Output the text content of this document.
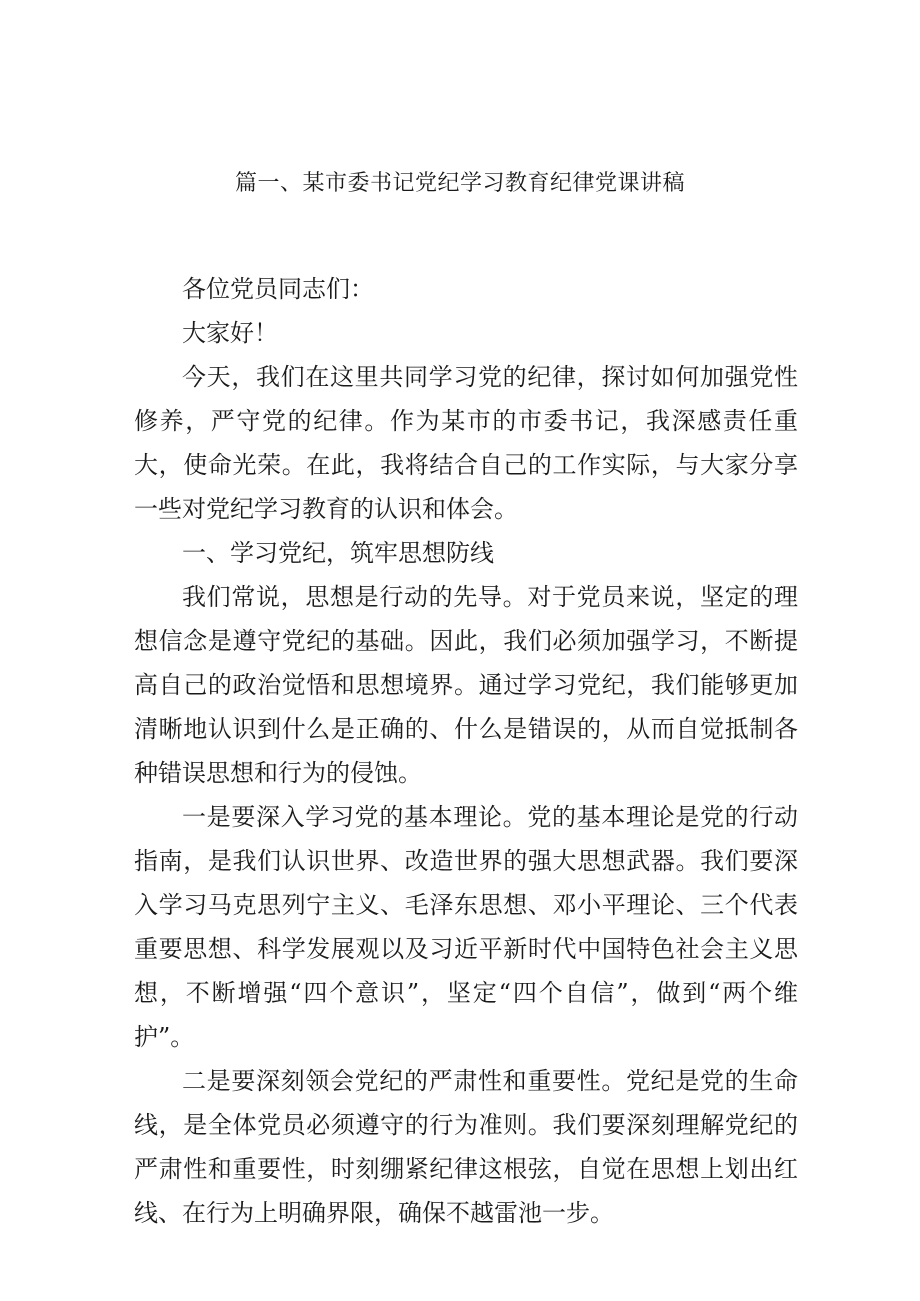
篇一、某市委书记党纪学习教育纪律党课讲稿

各位党员同志们：

大家好！

今天，我们在这里共同学习党的纪律，探讨如何加强党性修养，严守党的纪律。作为某市的市委书记，我深感责任重大，使命光荣。在此，我将结合自己的工作实际，与大家分享一些对党纪学习教育的认识和体会。

一、学习党纪，筑牢思想防线

我们常说，思想是行动的先导。对于党员来说，坚定的理想信念是遵守党纪的基础。因此，我们必须加强学习，不断提高自己的政治觉悟和思想境界。通过学习党纪，我们能够更加清晰地认识到什么是正确的、什么是错误的，从而自觉抵制各种错误思想和行为的侵蚀。

一是要深入学习党的基本理论。党的基本理论是党的行动指南，是我们认识世界、改造世界的强大思想武器。我们要深入学习马克思列宁主义、毛泽东思想、邓小平理论、三个代表重要思想、科学发展观以及习近平新时代中国特色社会主义思想，不断增强“四个意识”，坚定“四个自信”，做到“两个维护”。

二是要深刻领会党纪的严肃性和重要性。党纪是党的生命线，是全体党员必须遵守的行为准则。我们要深刻理解党纪的严肃性和重要性，时刻绷紧纪律这根弦，自觉在思想上划出红线、在行为上明确界限，确保不越雷池一步。
